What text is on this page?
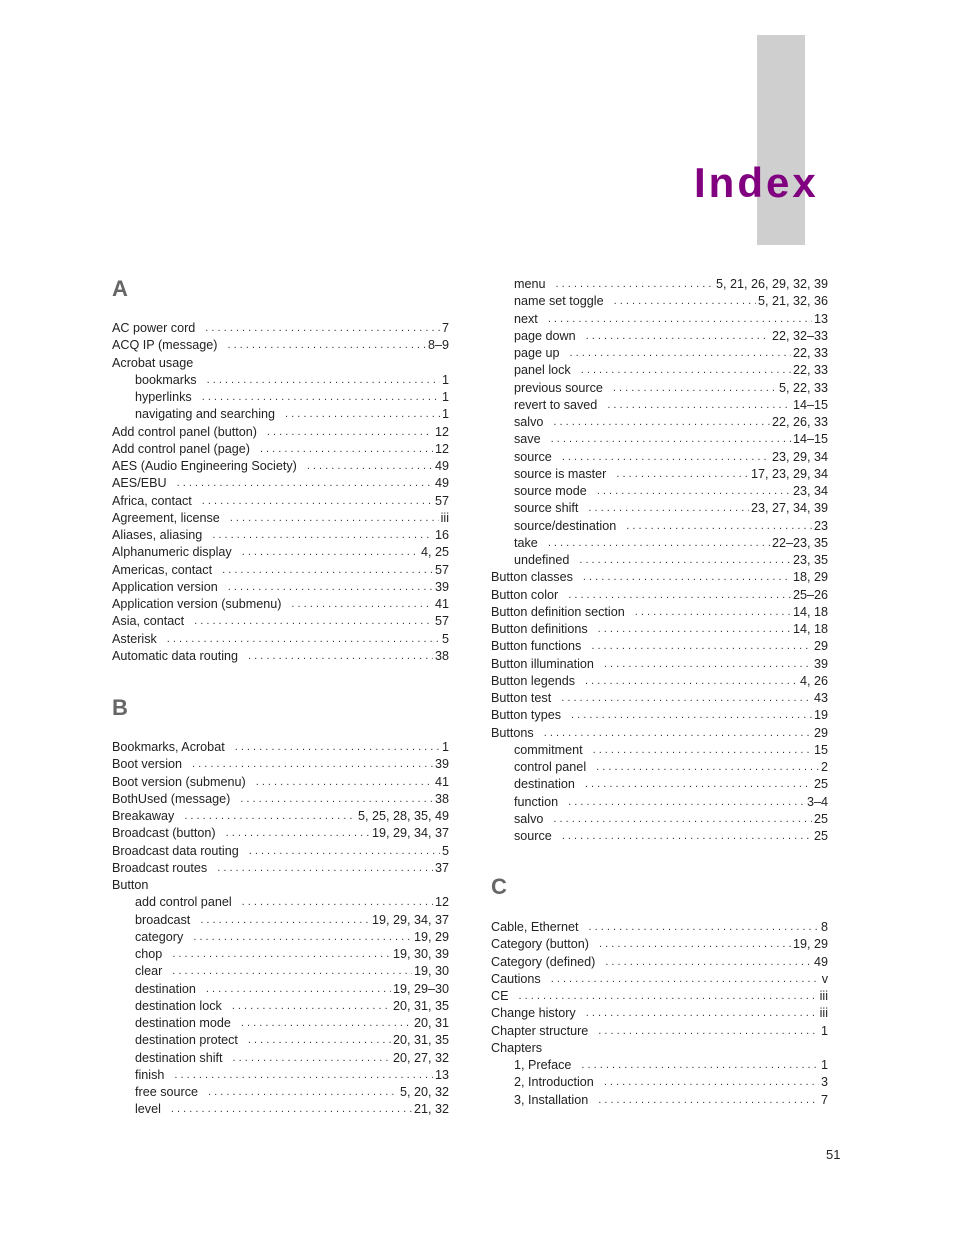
Index
A
AC power cord . . .	7
ACQ IP (message) . . .	8–9
Acrobat usage
bookmarks . . .	1
hyperlinks . . .	1
navigating and searching . . .	1
Add control panel (button) . . .	12
Add control panel (page) . . .	12
AES (Audio Engineering Society) . . .	49
AES/EBU . . .	49
Africa, contact . . .	57
Agreement, license . . .	iii
Aliases, aliasing . . .	16
Alphanumeric display . . .	4, 25
Americas, contact . . .	57
Application version . . .	39
Application version (submenu) . . .	41
Asia, contact . . .	57
Asterisk . . .	5
Automatic data routing . . .	38
B
Bookmarks, Acrobat . . .	1
Boot version . . .	39
Boot version (submenu) . . .	41
BothUsed (message) . . .	38
Breakaway . . .	5, 25, 28, 35, 49
Broadcast (button) . . .	19, 29, 34, 37
Broadcast data routing . . .	5
Broadcast routes . . .	37
Button
add control panel . . .	12
broadcast . . .	19, 29, 34, 37
category . . .	19, 29
chop . . .	19, 30, 39
clear . . .	19, 30
destination . . .	19, 29–30
destination lock . . .	20, 31, 35
destination mode . . .	20, 31
destination protect . . .	20, 31, 35
destination shift . . .	20, 27, 32
finish . . .	13
free source . . .	5, 20, 32
level . . .	21, 32
menu . . .	5, 21, 26, 29, 32, 39
name set toggle . . .	5, 21, 32, 36
next . . .	13
page down . . .	22, 32–33
page up . . .	22, 33
panel lock . . .	22, 33
previous source . . .	5, 22, 33
revert to saved . . .	14–15
salvo . . .	22, 26, 33
save . . .	14–15
source . . .	23, 29, 34
source is master . . .	17, 23, 29, 34
source mode . . .	23, 34
source shift . . .	23, 27, 34, 39
source/destination . . .	23
take . . .	22–23, 35
undefined . . .	23, 35
Button classes . . .	18, 29
Button color . . .	25–26
Button definition section . . .	14, 18
Button definitions . . .	14, 18
Button functions . . .	29
Button illumination . . .	39
Button legends . . .	4, 26
Button test . . .	43
Button types . . .	19
Buttons . . .	29
commitment . . .	15
control panel . . .	2
destination . . .	25
function . . .	3–4
salvo . . .	25
source . . .	25
C
Cable, Ethernet . . .	8
Category (button) . . .	19, 29
Category (defined) . . .	49
Cautions . . .	v
CE . . .	iii
Change history . . .	iii
Chapter structure . . .	1
Chapters
1, Preface . . .	1
2, Introduction . . .	3
3, Installation . . .	7
51
